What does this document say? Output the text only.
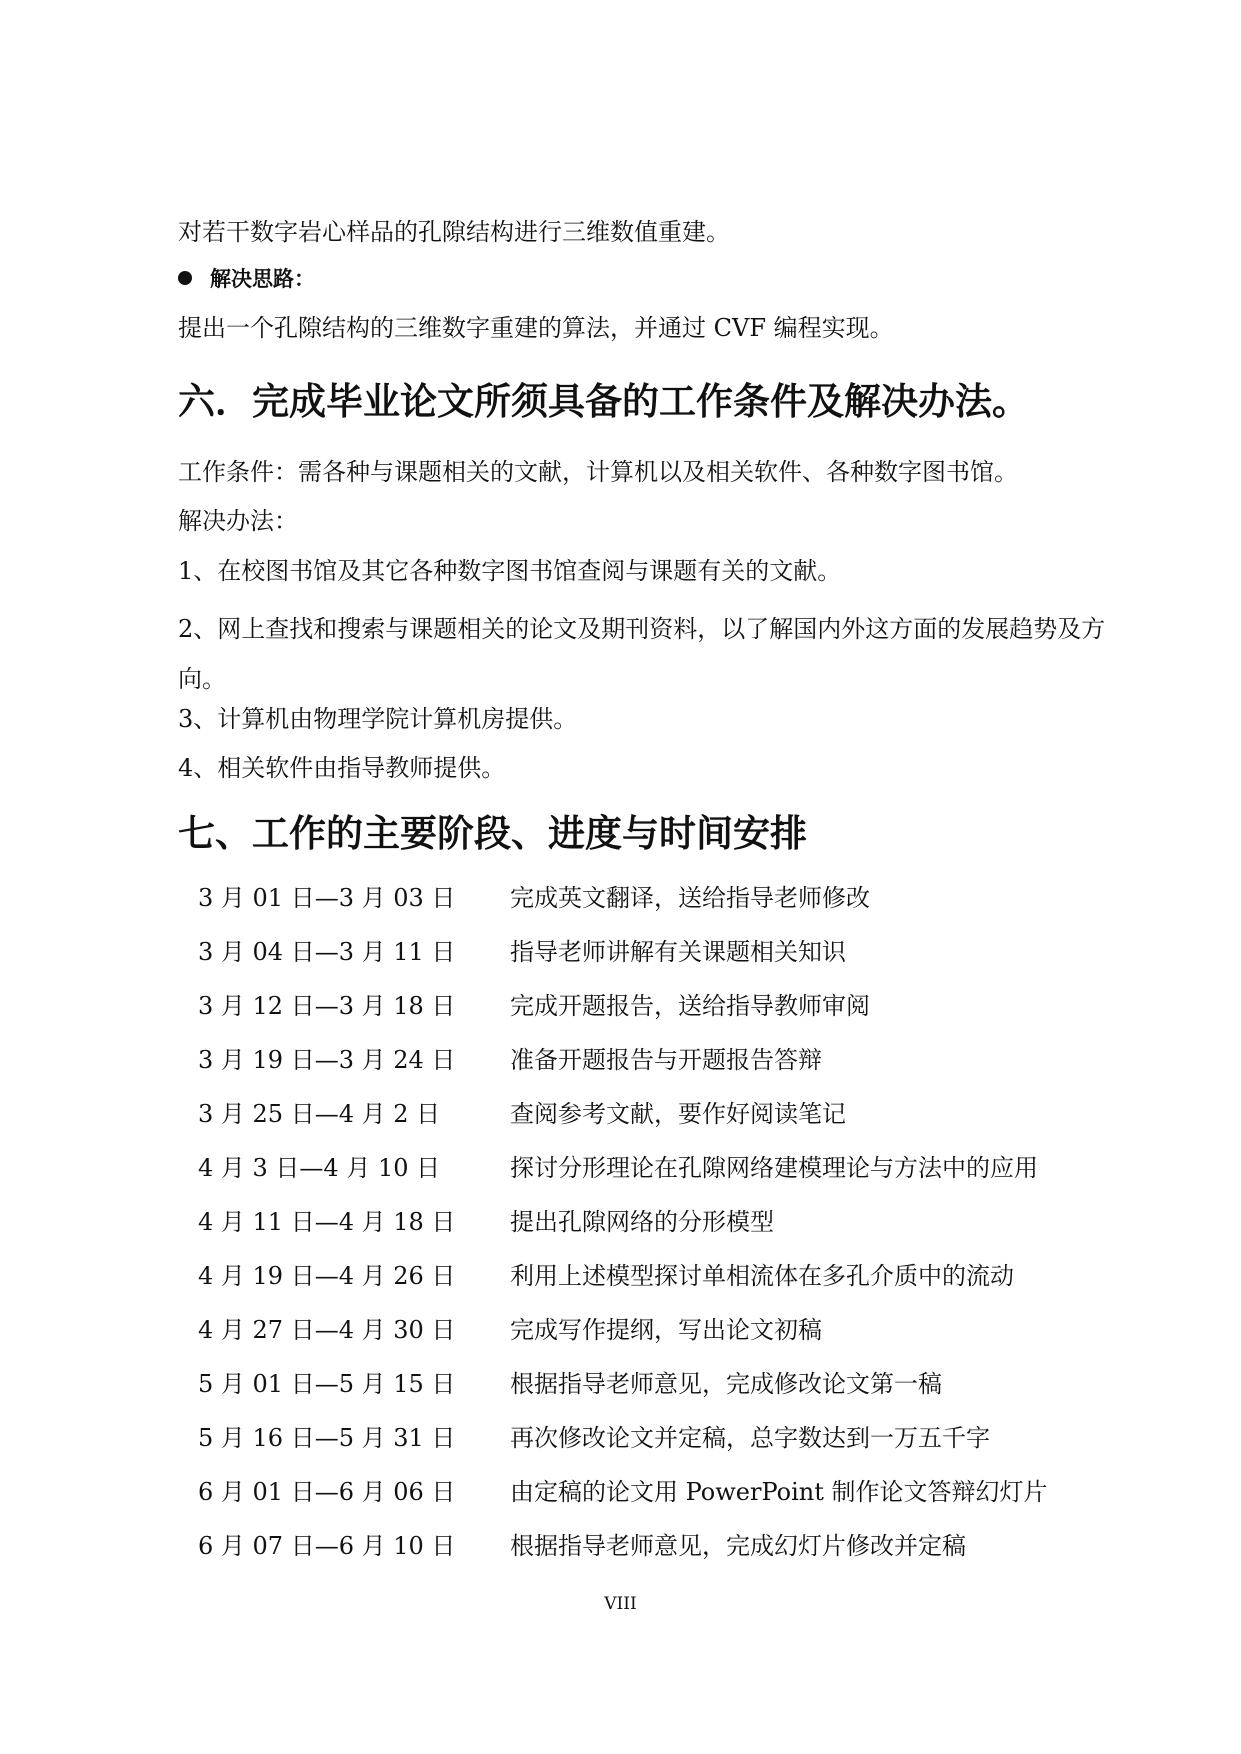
对若干数字岩心样品的孔隙结构进行三维数值重建。
解决思路：
提出一个孔隙结构的三维数字重建的算法，并通过 CVF 编程实现。
六．完成毕业论文所须具备的工作条件及解决办法。
工作条件：需各种与课题相关的文献，计算机以及相关软件、各种数字图书馆。
解决办法：
1、在校图书馆及其它各种数字图书馆查阅与课题有关的文献。
2、网上查找和搜索与课题相关的论文及期刊资料，以了解国内外这方面的发展趋势及方向。
3、计算机由物理学院计算机房提供。
4、相关软件由指导教师提供。
七、工作的主要阶段、进度与时间安排
3 月 01 日—3 月 03 日 完成英文翻译，送给指导老师修改
3 月 04 日—3 月 11 日 指导老师讲解有关课题相关知识
3 月 12 日—3 月 18 日 完成开题报告，送给指导教师审阅
3 月 19 日—3 月 24 日 准备开题报告与开题报告答辩
3 月 25 日—4 月 2 日	查阅参考文献，要作好阅读笔记
4 月 3 日—4 月 10 日	探讨分形理论在孔隙网络建模理论与方法中的应用
4 月 11 日—4 月 18 日 提出孔隙网络的分形模型
4 月 19 日—4 月 26 日 利用上述模型探讨单相流体在多孔介质中的流动
4 月 27 日—4 月 30 日 完成写作提纲，写出论文初稿
5 月 01 日—5 月 15 日 根据指导老师意见，完成修改论文第一稿
5 月 16 日—5 月 31 日 再次修改论文并定稿，总字数达到一万五千字
6 月 01 日—6 月 06 日 由定稿的论文用 PowerPoint 制作论文答辩幻灯片
6 月 07 日—6 月 10 日 根据指导老师意见，完成幻灯片修改并定稿
VIII
